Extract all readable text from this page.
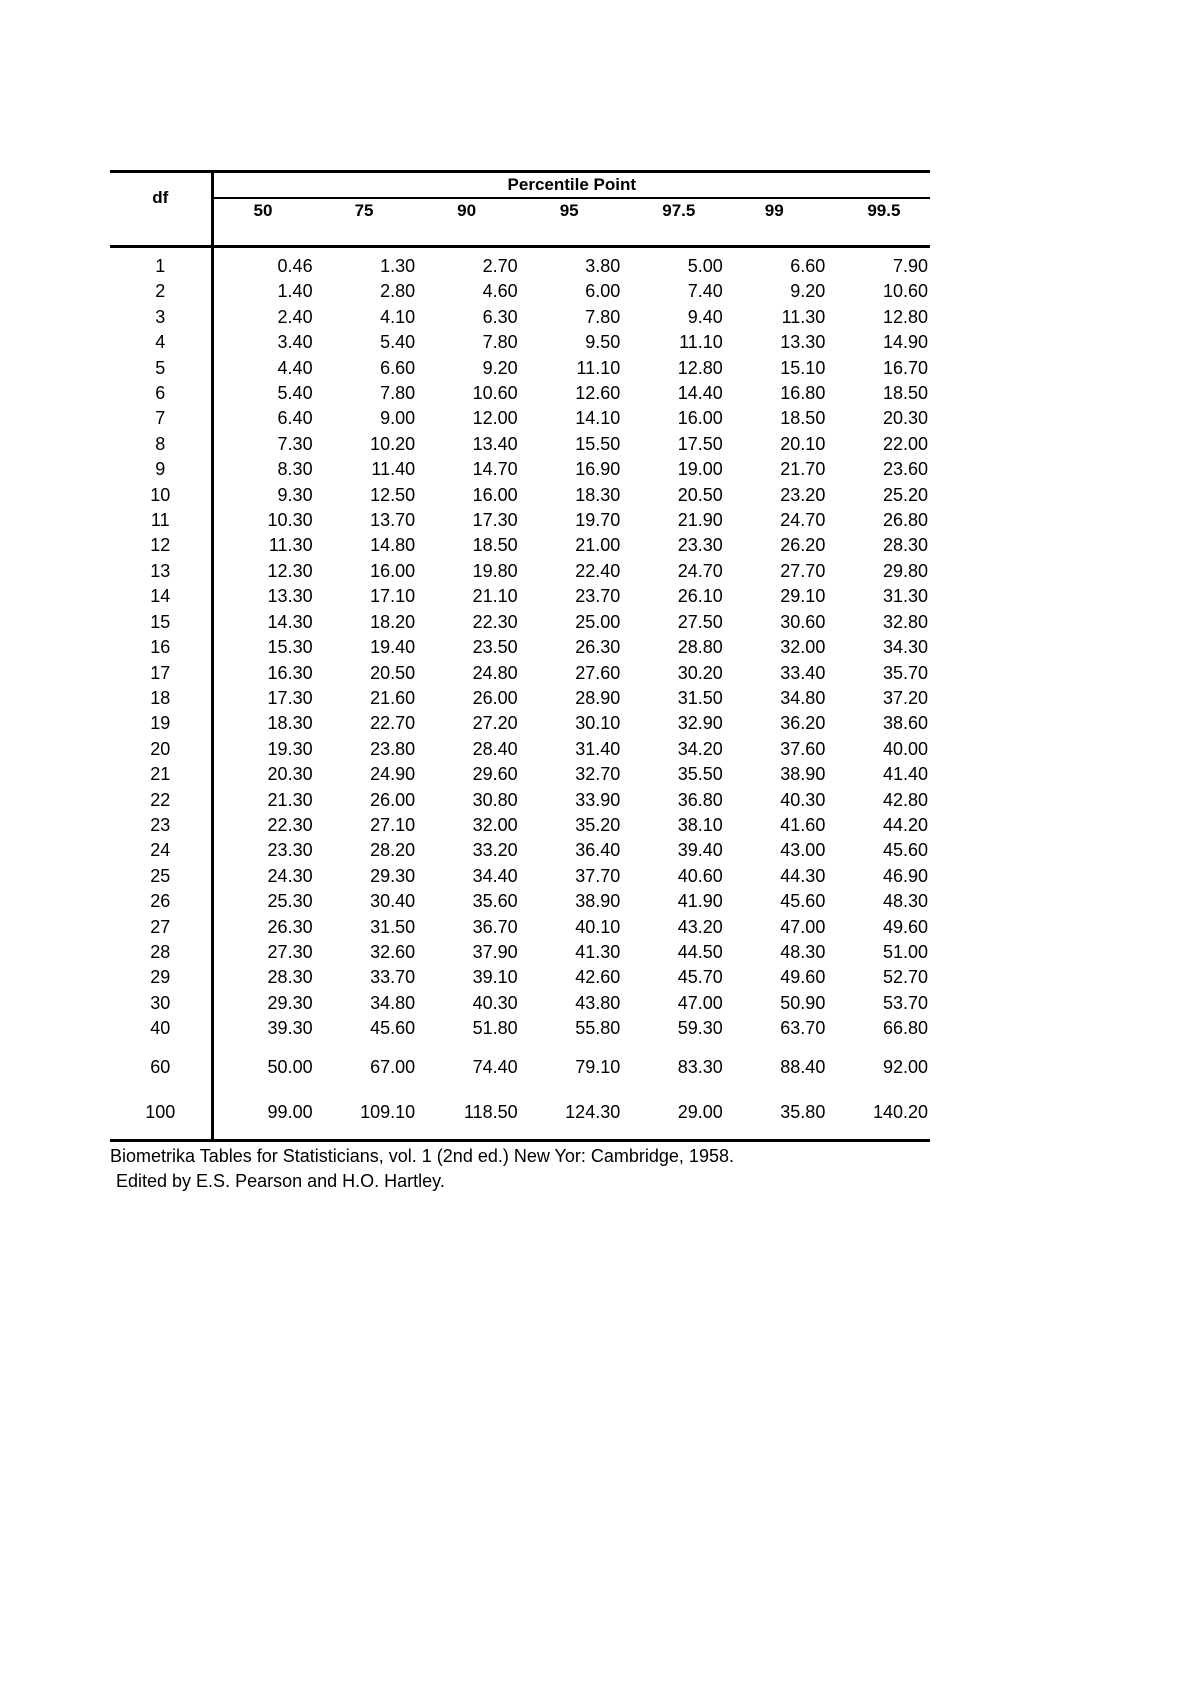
df	Percentile Point						
	50	75	90	95	97.5	99	99.5

1	0.46	1.30	2.70	3.80	5.00	6.60	7.90
2	1.40	2.80	4.60	6.00	7.40	9.20	10.60
3	2.40	4.10	6.30	7.80	9.40	11.30	12.80
4	3.40	5.40	7.80	9.50	11.10	13.30	14.90
5	4.40	6.60	9.20	11.10	12.80	15.10	16.70
6	5.40	7.80	10.60	12.60	14.40	16.80	18.50
7	6.40	9.00	12.00	14.10	16.00	18.50	20.30
8	7.30	10.20	13.40	15.50	17.50	20.10	22.00
9	8.30	11.40	14.70	16.90	19.00	21.70	23.60
10	9.30	12.50	16.00	18.30	20.50	23.20	25.20
11	10.30	13.70	17.30	19.70	21.90	24.70	26.80
12	11.30	14.80	18.50	21.00	23.30	26.20	28.30
13	12.30	16.00	19.80	22.40	24.70	27.70	29.80
14	13.30	17.10	21.10	23.70	26.10	29.10	31.30
15	14.30	18.20	22.30	25.00	27.50	30.60	32.80
16	15.30	19.40	23.50	26.30	28.80	32.00	34.30
17	16.30	20.50	24.80	27.60	30.20	33.40	35.70
18	17.30	21.60	26.00	28.90	31.50	34.80	37.20
19	18.30	22.70	27.20	30.10	32.90	36.20	38.60
20	19.30	23.80	28.40	31.40	34.20	37.60	40.00
21	20.30	24.90	29.60	32.70	35.50	38.90	41.40
22	21.30	26.00	30.80	33.90	36.80	40.30	42.80
23	22.30	27.10	32.00	35.20	38.10	41.60	44.20
24	23.30	28.20	33.20	36.40	39.40	43.00	45.60
25	24.30	29.30	34.40	37.70	40.60	44.30	46.90
26	25.30	30.40	35.60	38.90	41.90	45.60	48.30
27	26.30	31.50	36.70	40.10	43.20	47.00	49.60
28	27.30	32.60	37.90	41.30	44.50	48.30	51.00
29	28.30	33.70	39.10	42.60	45.70	49.60	52.70
30	29.30	34.80	40.30	43.80	47.00	50.90	53.70
40	39.30	45.60	51.80	55.80	59.30	63.70	66.80
60	50.00	67.00	74.40	79.10	83.30	88.40	92.00
100	99.00	109.10	118.50	124.30	29.00	35.80	140.20

Biometrika Tables for Statisticians, vol. 1 (2nd ed.) New Yor: Cambridge, 1958.
Edited by E.S. Pearson and H.O. Hartley.
